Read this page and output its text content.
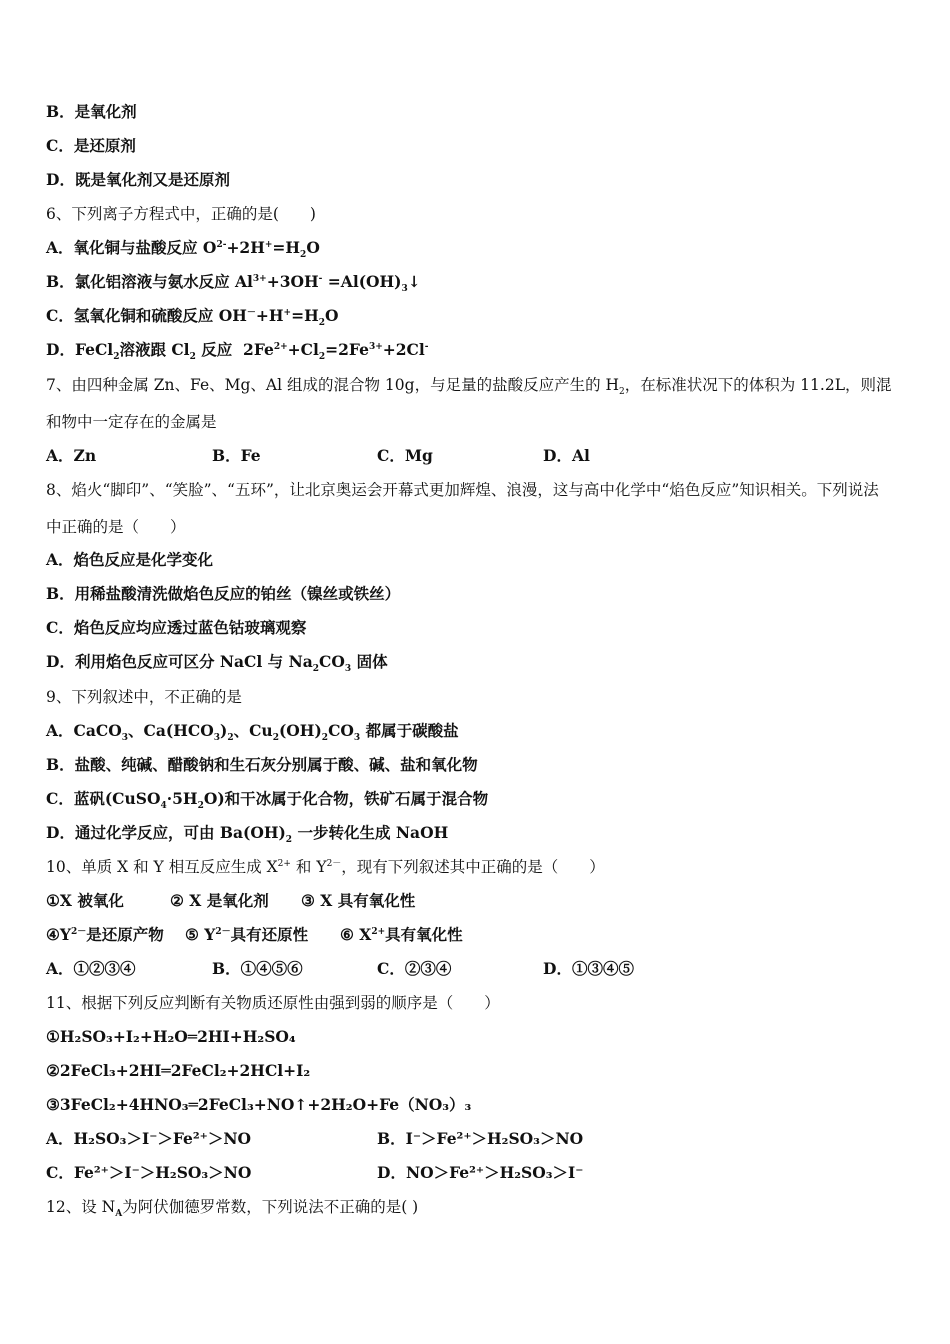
B．是氧化剂
C．是还原剂
D．既是氧化剂又是还原剂
6、下列离子方程式中，正确的是(　　)
A．氧化铜与盐酸反应 $O^{2-}+2H^+=H_2O$
B．氯化铝溶液与氨水反应 $Al^{3+}+3OH^-$ $=Al(OH)_3↓$
C．氢氧化铜和硫酸反应 $OH^-+H^+=H_2O$
D．FeCl$_2$溶液跟 $Cl_2$ 反应  $2Fe^{2+}+Cl_2=2Fe^{3+}+2Cl^-$
7、由四种金属 Zn、Fe、Mg、Al 组成的混合物 10g，与足量的盐酸反应产生的 $H_2$，在标准状况下的体积为 11.2L，则混
和物中一定存在的金属是
A．Zn	B．Fe	C．Mg	D．Al
8、焰火“脚印”、“笑脸”、“五环”，让北京奥运会开幕式更加辉煌、浪漫，这与高中化学中“焰色反应”知识相关。下列说法
中正确的是（　　）
A．焰色反应是化学变化
B．用稀盐酸清洗做焰色反应的铂丝（镍丝或铁丝）
C．焰色反应均应透过蓝色钴玻璃观察
D．利用焰色反应可区分 NaCl 与 $Na_2CO_3$ 固体
9、下列叙述中，不正确的是
A．CaCO$_3$、$Ca(HCO_3)_2$、$Cu_2(OH)_2CO_3$ 都属于碳酸盐
B．盐酸、纯碱、醋酸钠和生石灰分别属于酸、碱、盐和氧化物
C．蓝矾$(CuSO_4\cdot 5H_2O)$和干冰属于化合物，铁矿石属于混合物
D．通过化学反应，可由 $Ba(OH)_2$ 一步转化生成 NaOH
10、单质 X 和 Y 相互反应生成 $X^{2+}$ 和 $Y^{2-}$，现有下列叙述其中正确的是（　　）
①X 被氧化	② X 是氧化剂 ③ X 具有氧化性
$④Y^{2-}$是还原产物 ⑤ $Y^{2-}$具有还原性 ⑥ $X^{2+}$具有氧化性
A．①②③④	B．①④⑤⑥	C．②③④	D．①③④⑤
11、根据下列反应判断有关物质还原性由强到弱的顺序是（　　）
①H₂SO₃+I₂+H₂O═2HI+H₂SO₄
②2FeCl₃+2HI═2FeCl₂+2HCl+I₂
③3FeCl₂+4HNO₃═2FeCl₃+NO↑+2H₂O+Fe（NO₃）₃
A．H₂SO₃＞I⁻＞Fe²⁺＞NO	B．I⁻＞Fe²⁺＞H₂SO₃＞NO
C．Fe²⁺＞I⁻＞H₂SO₃＞NO	D．NO＞Fe²⁺＞H₂SO₃＞I⁻
12、设 $N_A$为阿伏伽德罗常数，下列说法不正确的是( )
